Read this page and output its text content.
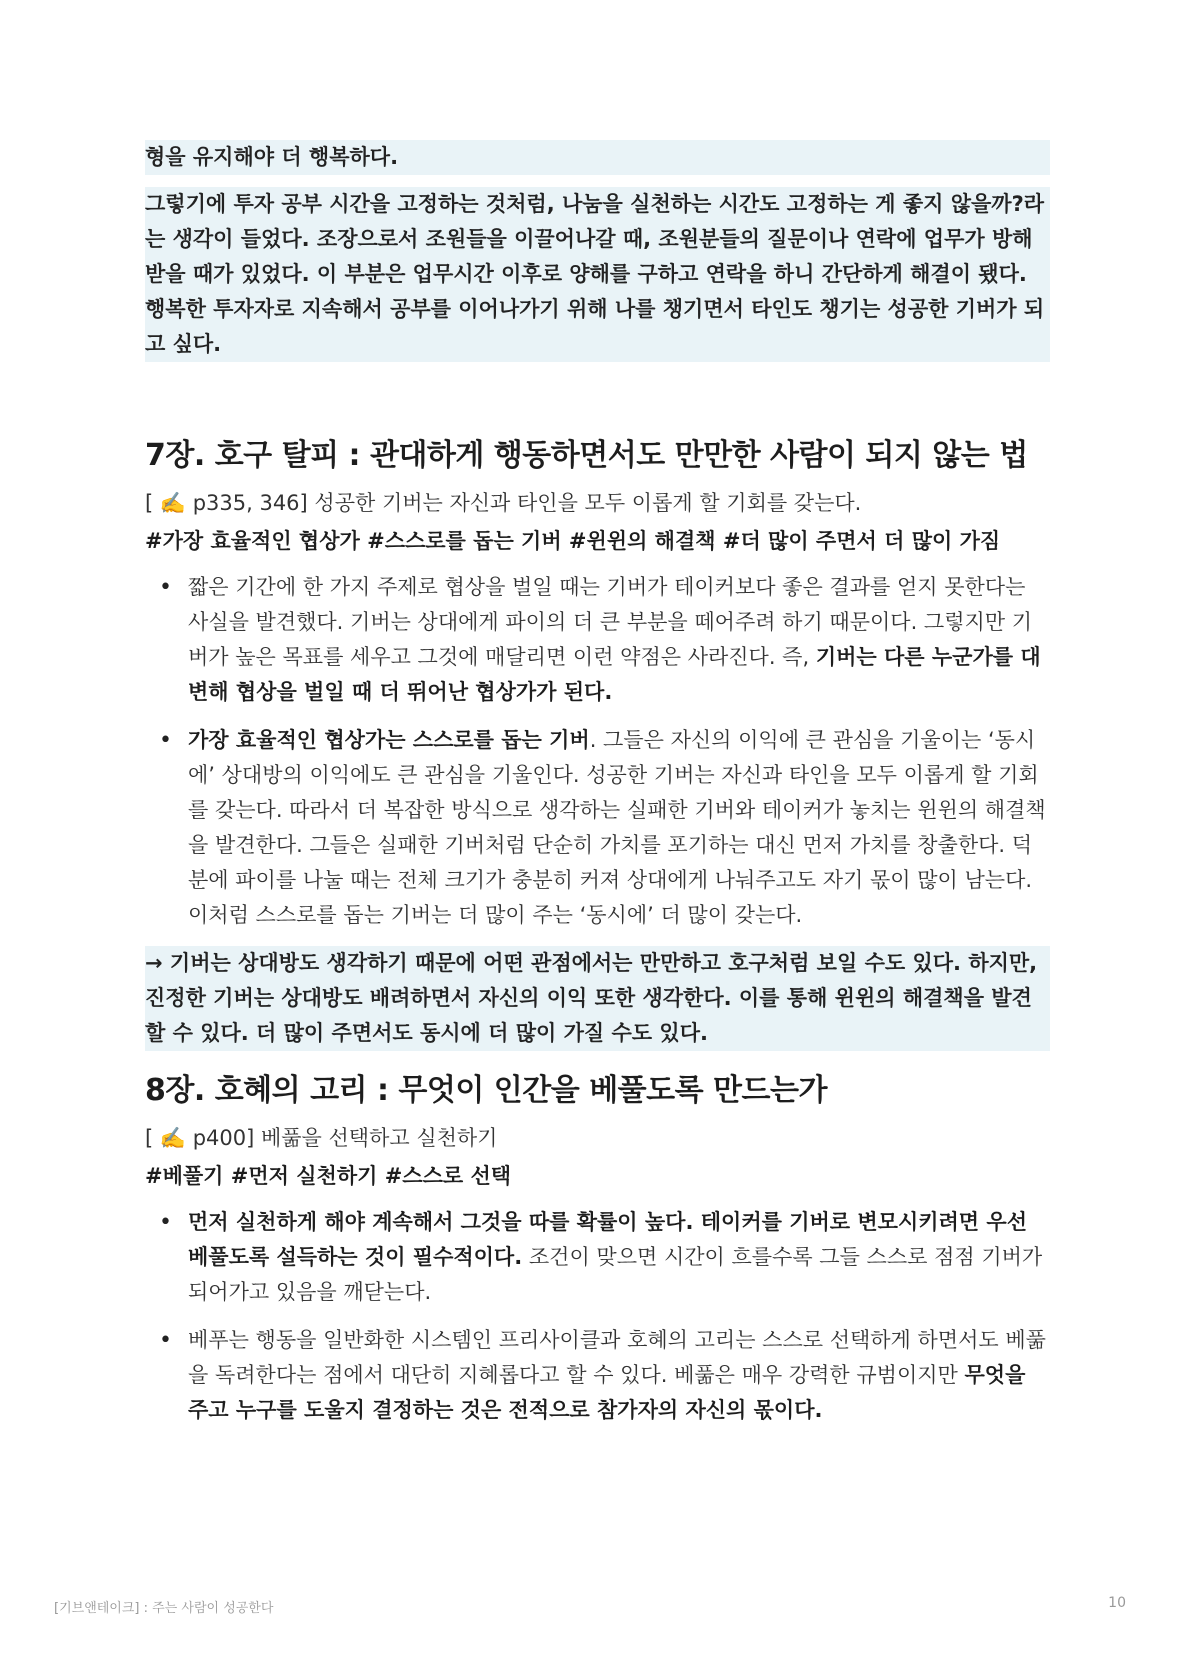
형을 유지해야 더 행복하다.

그렇기에 투자 공부 시간을 고정하는 것처럼, 나눔을 실천하는 시간도 고정하는 게 좋지 않을까?라는 생각이 들었다. 조장으로서 조원들을 이끌어나갈 때, 조원분들의 질문이나 연락에 업무가 방해 받을 때가 있었다. 이 부분은 업무시간 이후로 양해를 구하고 연락을 하니 간단하게 해결이 됐다. 행복한 투자자로 지속해서 공부를 이어나가기 위해 나를 챙기면서 타인도 챙기는 성공한 기버가 되고 싶다.

7장. 호구 탈피 : 관대하게 행동하면서도 만만한 사람이 되지 않는 법

[ ✍️ p335, 346] 성공한 기버는 자신과 타인을 모두 이롭게 할 기회를 갖는다.

#가장 효율적인 협상가 #스스로를 돕는 기버 #윈윈의 해결책 #더 많이 주면서 더 많이 가짐

• 짧은 기간에 한 가지 주제로 협상을 벌일 때는 기버가 테이커보다 좋은 결과를 얻지 못한다는 사실을 발견했다. 기버는 상대에게 파이의 더 큰 부분을 떼어주려 하기 때문이다. 그렇지만 기버가 높은 목표를 세우고 그것에 매달리면 이런 약점은 사라진다. 즉, 기버는 다른 누군가를 대변해 협상을 벌일 때 더 뛰어난 협상가가 된다.
• 가장 효율적인 협상가는 스스로를 돕는 기버. 그들은 자신의 이익에 큰 관심을 기울이는 ‘동시에’ 상대방의 이익에도 큰 관심을 기울인다. 성공한 기버는 자신과 타인을 모두 이롭게 할 기회를 갖는다. 따라서 더 복잡한 방식으로 생각하는 실패한 기버와 테이커가 놓치는 윈윈의 해결책을 발견한다. 그들은 실패한 기버처럼 단순히 가치를 포기하는 대신 먼저 가치를 창출한다. 덕분에 파이를 나눌 때는 전체 크기가 충분히 커져 상대에게 나눠주고도 자기 몫이 많이 남는다. 이처럼 스스로를 돕는 기버는 더 많이 주는 ‘동시에’ 더 많이 갖는다.

→ 기버는 상대방도 생각하기 때문에 어떤 관점에서는 만만하고 호구처럼 보일 수도 있다. 하지만, 진정한 기버는 상대방도 배려하면서 자신의 이익 또한 생각한다. 이를 통해 윈윈의 해결책을 발견할 수 있다. 더 많이 주면서도 동시에 더 많이 가질 수도 있다.

8장. 호혜의 고리 : 무엇이 인간을 베풀도록 만드는가

[ ✍️ p400] 베풂을 선택하고 실천하기

#베풀기 #먼저 실천하기 #스스로 선택

• 먼저 실천하게 해야 계속해서 그것을 따를 확률이 높다. 테이커를 기버로 변모시키려면 우선 베풀도록 설득하는 것이 필수적이다. 조건이 맞으면 시간이 흐를수록 그들 스스로 점점 기버가 되어가고 있음을 깨닫는다.
• 베푸는 행동을 일반화한 시스템인 프리사이클과 호혜의 고리는 스스로 선택하게 하면서도 베풂을 독려한다는 점에서 대단히 지혜롭다고 할 수 있다. 베풂은 매우 강력한 규범이지만 무엇을 주고 누구를 도울지 결정하는 것은 전적으로 참가자의 자신의 몫이다.
[기브앤테이크] : 주는 사람이 성공한다	10
